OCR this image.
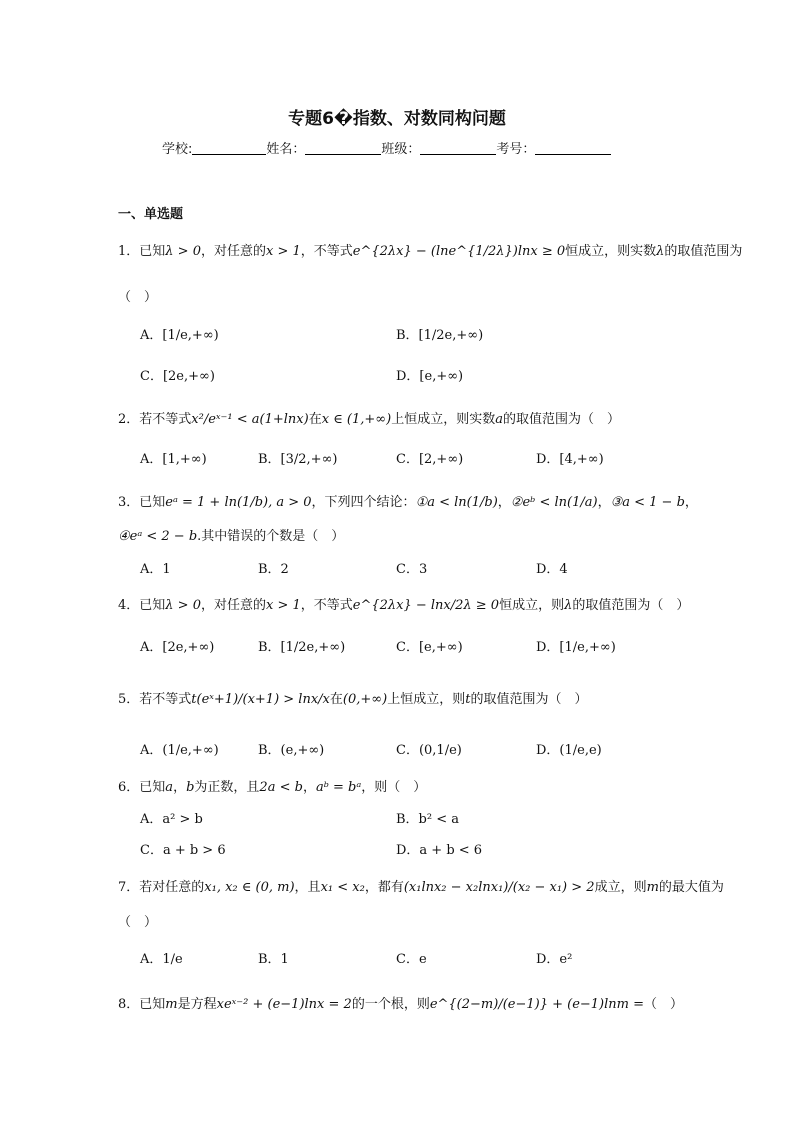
专题6�指数、对数同构问题
学校:	姓名：	班级：	考号：
一、单选题
1．已知λ > 0，对任意的x > 1，不等式e^{2λx} − (lne^{1/2λ})lnx ≥ 0恒成立，则实数λ的取值范围为
（　）
A．[1/e,+∞)	B．[1/2e,+∞)
C．[2e,+∞)	D．[e,+∞)
2．若不等式x²/eˣ⁻¹ < a(1+lnx)在x ∈ (1,+∞)上恒成立，则实数a的取值范围为（　）
A．[1,+∞)	B．[3/2,+∞)	C．[2,+∞)	D．[4,+∞)
3．已知eᵃ = 1 + ln(1/b), a > 0，下列四个结论：①a < ln(1/b)，②eᵇ < ln(1/a)，③a < 1 − b，
④eᵃ < 2 − b.其中错误的个数是（　）
A．1	B．2	C．3	D．4
4．已知λ > 0，对任意的x > 1，不等式e^{2λx} − lnx/2λ ≥ 0恒成立，则λ的取值范围为（　）
A．[2e,+∞)	B．[1/2e,+∞)	C．[e,+∞)	D．[1/e,+∞)
5．若不等式t(eˣ+1)/(x+1) > lnx/x在(0,+∞)上恒成立，则t的取值范围为（　）
A．(1/e,+∞)	B．(e,+∞)	C．(0,1/e)	D．(1/e,e)
6．已知a，b为正数，且2a < b，aᵇ = bᵃ，则（　）
A．a² > b	B．b² < a
C．a + b > 6	D．a + b < 6
7．若对任意的x₁, x₂ ∈ (0, m)，且x₁ < x₂，都有(x₁lnx₂ − x₂lnx₁)/(x₂ − x₁) > 2成立，则m的最大值为
（　）
A．1/e	B．1	C．e	D．e²
8．已知m是方程xeˣ⁻² + (e−1)lnx = 2的一个根，则e^{(2−m)/(e−1)} + (e−1)lnm =（　）
